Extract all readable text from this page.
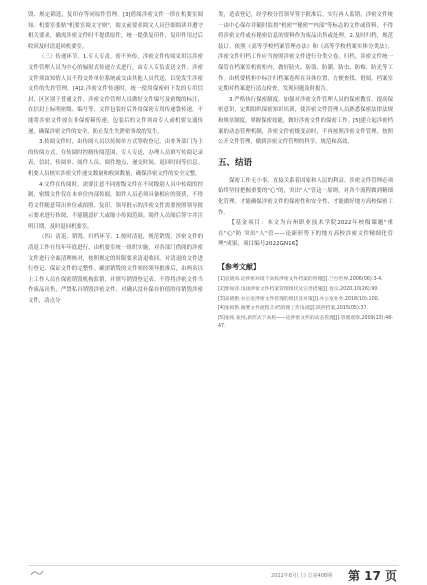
毁、规定筛选，复印存等同原件管理。[3]借阅涉密文件一律在机要室阅知。机要室张贴"机要室阅文守则"，阅文前要求阅文人员仔细阅读并遵守相关要求，确需涉密文件时不提供原件，统一提供复印件，复印件用过后收回及时清退回机要室。

（三）传递环节。1.专人专责，密不外传。涉密文件传阅采用以涉密文件管理人员为中心的辐射式传递方式进行，由专人专负责送文件。涉密文件须由知情人员不得交外单位系统或交由其他人员代送，以免发生涉密文件的失控管理。[4]2.涉密文件传递时，统一使用保密码下发的专用信封，区区别于普通文件，涉密文件管理人员做好文件编号及密级的标注，在信封上标明密级、编号等，文件包装好后外用保密专用传递袋传递，不能将涉密文件放在非保密箱传递，包装后的文件须由专人或机要交通传递，确保涉密文件的安全，防止发生失泄密事故的发生。

3.传阅文件时，由传阅人员以传阅单方式签收登记。由业务部门为主的传阅方式，在传阅时控制传阅范围，专人专送，办理人员填写传阅记录表，信封、传阅单、阅件人员、阅件地点、递交时间、退回时间等信息。机要人员核实涉密文件递交数量和收回数量，确保涉密文件的安全完整。

4.文件在传阅时，需要注意不同密级文件在不同级别人员中传阅的控制，密级文件仅在本单位内部传阅，阅件人员必须具备相应的资质，不得将文件随意带出单位或拍照、复印。领导批示的涉密文件需要按照领导批示要求进行传阅，不能随意扩大或缩小传阅范围。阅件人员阅后签字并注明日期，及时退回机要室。

（四）清退、销毁、归档环节。1.按时清退，规范销毁。涉密文件的清退工作在每年年底进行，由机要室统一组织实施，对各部门借阅的涉密文件进行全面清理核对，按照规定的时限要求清退收回，对清退的文件进行登记，保证文件的完整性。确需销毁的文件须经领导批准后，由两名以上工作人员在保密销毁机构监销，并填写销毁登记表。不得将涉密文件当作废品出售，严禁私自销毁涉密文件。对确认没有保存价值的待销毁涉密文件，清点分

类，造表登记，经学校分管领导签字批准后，实行再人监销。涉密文件统一由中心保存并随时监督"机密""秘密""内部"等标志的文件或资料，不得将涉密文件或有秘密信息的资料作为废品出售或处理。2.及时归档，规范装订。依照《高等学校档案管理办法》和《高等学校档案实体分类法》，涉密文件归档工作应当按照涉密文件进行分类立卷，归档。涉密文件统一保管在档案室机密柜内，做好防火、防盗、防潮、防虫、防霉、防光等工作。由机要机柜中标注归档案卷所在具体位置，方便查找、借阅。档案室定期对档案进行清点检查，发现问题及时报告。

3.严格执行保密制度。加强对涉密文件管理人员的保密教育，提高保密意识，定期组织保密知识培训，使涉密文件管理人员熟悉保密法律法规和规章制度，掌握保密技能，做好涉密文件的保密工作。[5]建立起涉密档案的动态管理机制，涉密文件密级变动时，不再按照涉密文件管理，按照公开文件管理，做到涉密文件管理的科学、规范和高效。

五、结语

保密工作无小事，直接关系着国家和人民的利益。涉密文件管理必须始终坚持把握重要的"心"的，突出"人"管这一原则，对各个流程做到精细化管理，才能确保涉密文件的保密性和安全性，才能做好地方高校保密工作。

【基金项目：本文为台州职业技术学院2022年校级课题"重在"心"防 突出"人"管——论新形势下的地方高校涉密文件精细化管理"成果，项目编号2022GN16】

【参考文献】
[1]袁晓凤.论涉密环境下高校涉密文件档案的管理[J].兰台世界,2006(06):3-4.
[2]郭如萍.浅谈涉密文件档案管理现状及完善措施[J].卷宗,2020,10(26):90.
[3]高晓艳.办公室涉密文件管理的现状及对策[J].办公室业务,2018(10):100.
[4]张柏艳.做要文件流程.归档管理工作浅谈[J].陕西档案,2015(05):37.
[5]张纯.张纯,新形式下高校——论涉密文件的动态管理[J].管理观察,2009(13):46-47.
2022年8月(上) 总第408期 第 17 页
